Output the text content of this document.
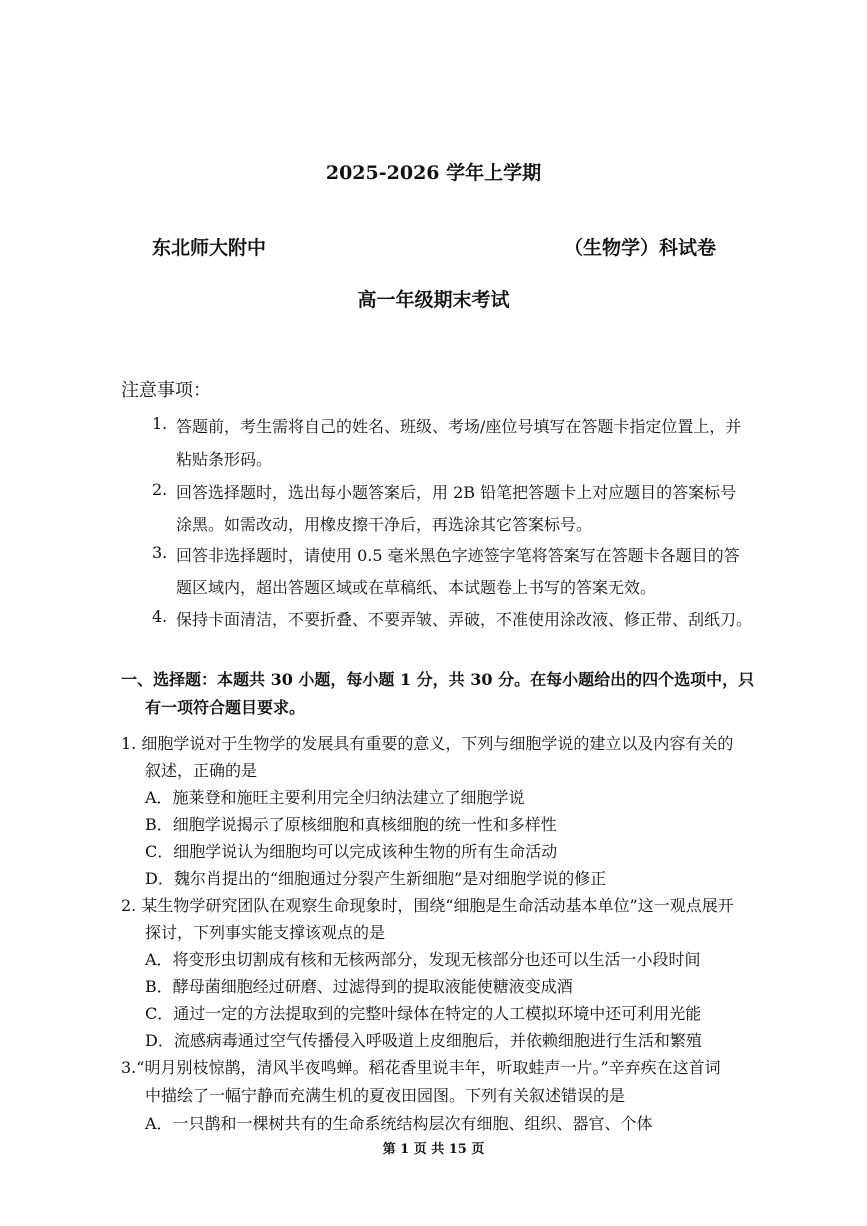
2025-2026 学年上学期
东北师大附中	（生物学）科试卷
高一年级期末考试
注意事项：
1. 答题前，考生需将自己的姓名、班级、考场/座位号填写在答题卡指定位置上，并
粘贴条形码。
2. 回答选择题时，选出每小题答案后，用 2B 铅笔把答题卡上对应题目的答案标号
涂黑。如需改动，用橡皮擦干净后，再选涂其它答案标号。
3. 回答非选择题时，请使用 0.5 毫米黑色字迹签字笔将答案写在答题卡各题目的答
题区域内，超出答题区域或在草稿纸、本试题卷上书写的答案无效。
4. 保持卡面清洁，不要折叠、不要弄皱、弄破，不准使用涂改液、修正带、刮纸刀。
一、选择题：本题共 30 小题，每小题 1 分，共 30 分。在每小题给出的四个选项中，只
有一项符合题目要求。
1. 细胞学说对于生物学的发展具有重要的意义，下列与细胞学说的建立以及内容有关的
叙述，正确的是
A．施莱登和施旺主要利用完全归纳法建立了细胞学说
B．细胞学说揭示了原核细胞和真核细胞的统一性和多样性
C．细胞学说认为细胞均可以完成该种生物的所有生命活动
D．魏尔肖提出的“细胞通过分裂产生新细胞”是对细胞学说的修正
2. 某生物学研究团队在观察生命现象时，围绕“细胞是生命活动基本单位”这一观点展开
探讨，下列事实能支撑该观点的是
A．将变形虫切割成有核和无核两部分，发现无核部分也还可以生活一小段时间
B．酵母菌细胞经过研磨、过滤得到的提取液能使糖液变成酒
C．通过一定的方法提取到的完整叶绿体在特定的人工模拟环境中还可利用光能
D．流感病毒通过空气传播侵入呼吸道上皮细胞后，并依赖细胞进行生活和繁殖
3.“明月别枝惊鹊，清风半夜鸣蝉。稻花香里说丰年，听取蛙声一片。”辛弃疾在这首词
中描绘了一幅宁静而充满生机的夏夜田园图。下列有关叙述错误的是
A．一只鹊和一棵树共有的生命系统结构层次有细胞、组织、器官、个体
第 1 页 共 15 页
